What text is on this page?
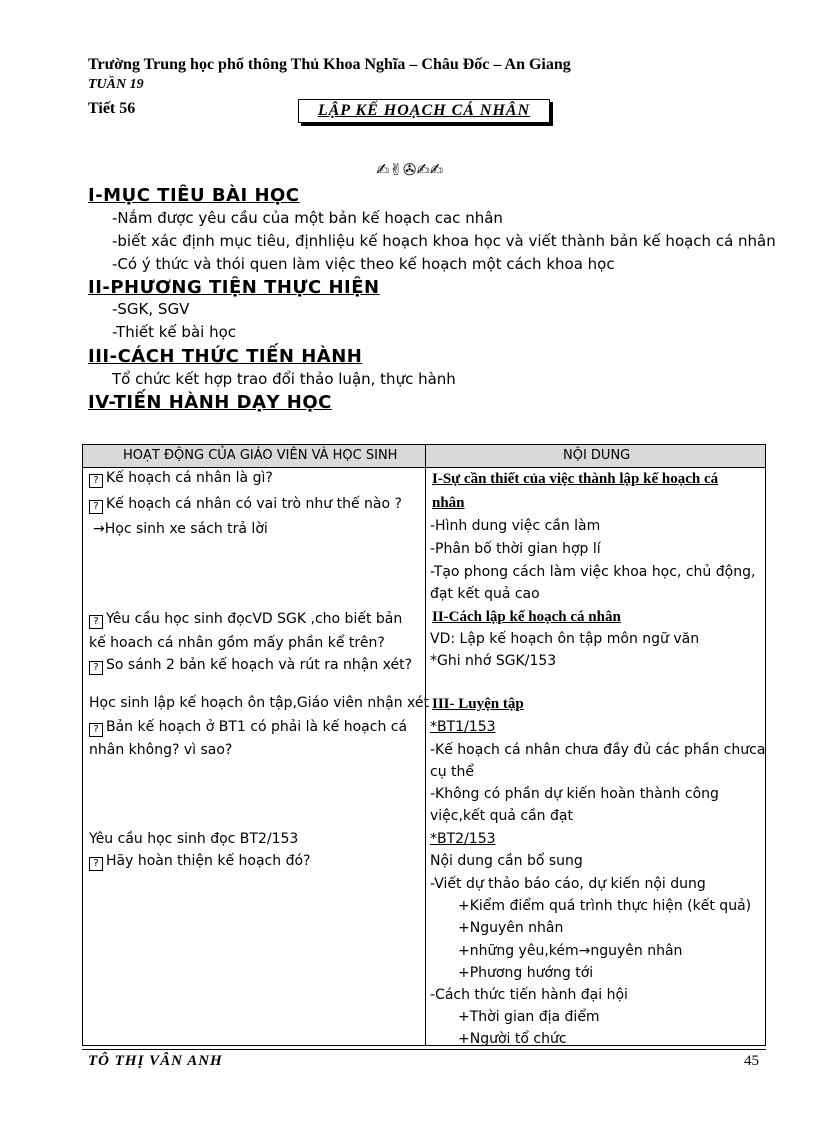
Trường Trung học phổ thông Thủ Khoa Nghĩa – Châu Đốc – An Giang
TUẦN 19
Tiết 56	LẬP KẾ HOẠCH CÁ NHÂN
✍✌✇✍✍
I-MỤC TIÊU BÀI HỌC
-Nắm được yêu cầu của một bản kế hoạch cac nhân
-biết xác định mục tiêu, địnhliệu kế hoạch khoa học và viết thành bản kế hoạch cá nhân
-Có ý thức và thói quen làm việc theo kế hoạch một cách khoa học
II-PHƯƠNG TIỆN THỰC HIỆN
-SGK, SGV
-Thiết kế bài học
III-CÁCH THỨC TIẾN HÀNH
Tổ chức kết hợp trao đổi thảo luận, thực hành
IV-TIẾN HÀNH DẠY HỌC
HOẠT ĐỘNG CỦA GIÁO VIÊN VÀ HỌC SINH	NỘI DUNG
? Kế hoạch cá nhân là gì?
? Kế hoạch cá nhân có vai trò như thế nào ?
→Học sinh xe sách trả lời
? Yêu cầu học sinh đọcVD SGK ,cho biết bản
kế hoach cá nhân gồm mấy phần kể trên?
? So sánh 2 bản kế hoạch và rút ra nhận xét?
Học sinh lập kế hoạch ôn tập,Giáo viên nhận xét
? Bản kế hoạch ở BT1 có phải là kế hoạch cá
nhân không? vì sao?
Yêu cầu học sinh đọc BT2/153
? Hãy hoàn thiện kế hoạch đó?
I-Sự cần thiết của việc thành lập kế hoạch cá
nhân
-Hình dung việc cần làm
-Phân bố thời gian hợp lí
-Tạo phong cách làm việc khoa học, chủ động,
đạt kết quả cao
II-Cách lập kế hoạch cá nhân
VD: Lập kế hoạch ôn tập môn ngữ văn
*Ghi nhớ SGK/153
III- Luyện tập
*BT1/153
-Kế hoạch cá nhân chưa đầy đủ các phần chưca
cụ thể
-Không có phần dự kiến hoàn thành công
việc,kết quả cần đạt
*BT2/153
Nội dung cần bổ sung
-Viết dự thảo báo cáo, dự kiến nội dung
+Kiểm điểm quá trình thực hiện (kết quả)
+Nguyên nhân
+những yêu,kém→nguyên nhân
+Phương hướng tới
-Cách thức tiến hành đại hội
+Thời gian địa điểm
+Người tổ chức
TÔ THỊ VÂN ANH	45
